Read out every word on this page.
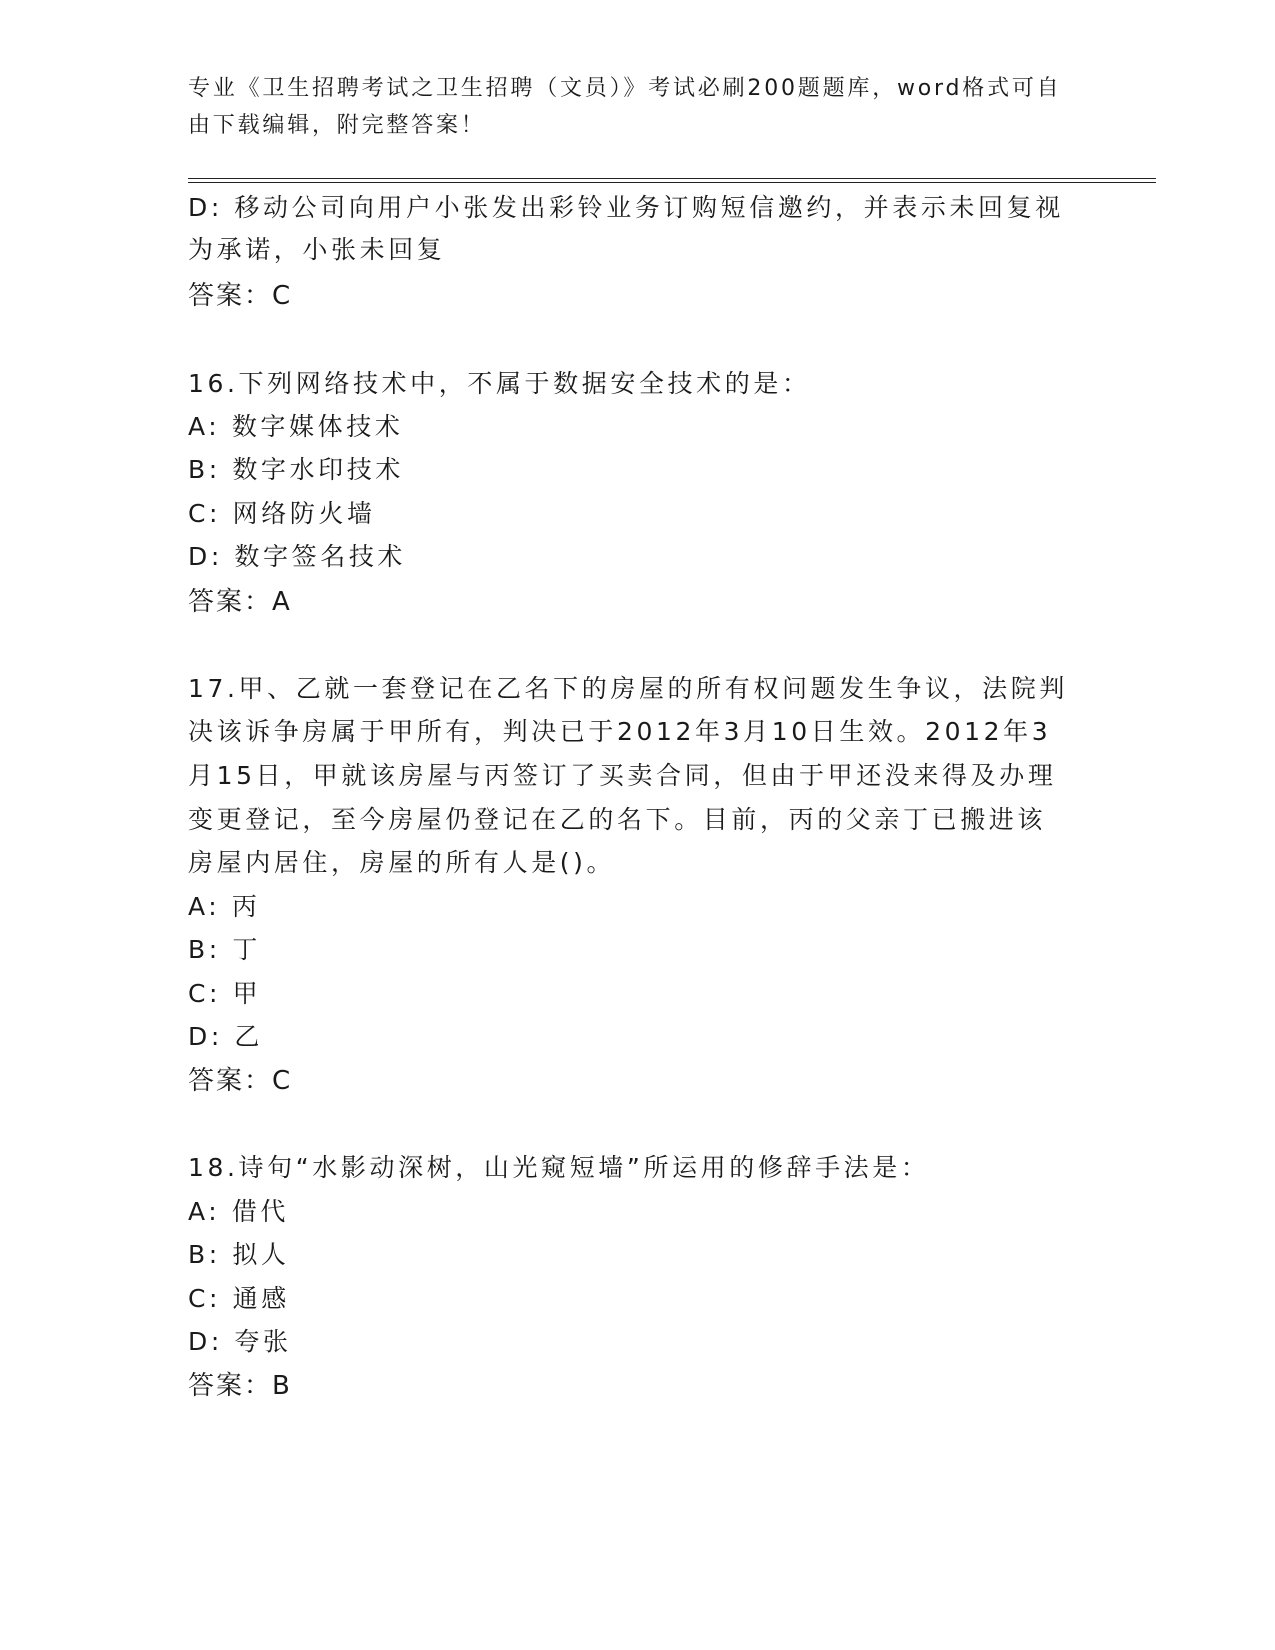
专业《卫生招聘考试之卫生招聘（文员）》考试必刷200题题库，word格式可自由下载编辑，附完整答案！
D: 移动公司向用户小张发出彩铃业务订购短信邀约，并表示未回复视
为承诺，小张未回复
答案：C
16.下列网络技术中，不属于数据安全技术的是：
A: 数字媒体技术
B: 数字水印技术
C: 网络防火墙
D: 数字签名技术
答案：A
17.甲、乙就一套登记在乙名下的房屋的所有权问题发生争议，法院判
决该诉争房属于甲所有，判决已于2012年3月10日生效。2012年3
月15日，甲就该房屋与丙签订了买卖合同，但由于甲还没来得及办理
变更登记，至今房屋仍登记在乙的名下。目前，丙的父亲丁已搬进该
房屋内居住，房屋的所有人是()。
A: 丙
B: 丁
C: 甲
D: 乙
答案：C
18.诗句“水影动深树，山光窥短墙”所运用的修辞手法是：
A: 借代
B: 拟人
C: 通感
D: 夸张
答案：B
